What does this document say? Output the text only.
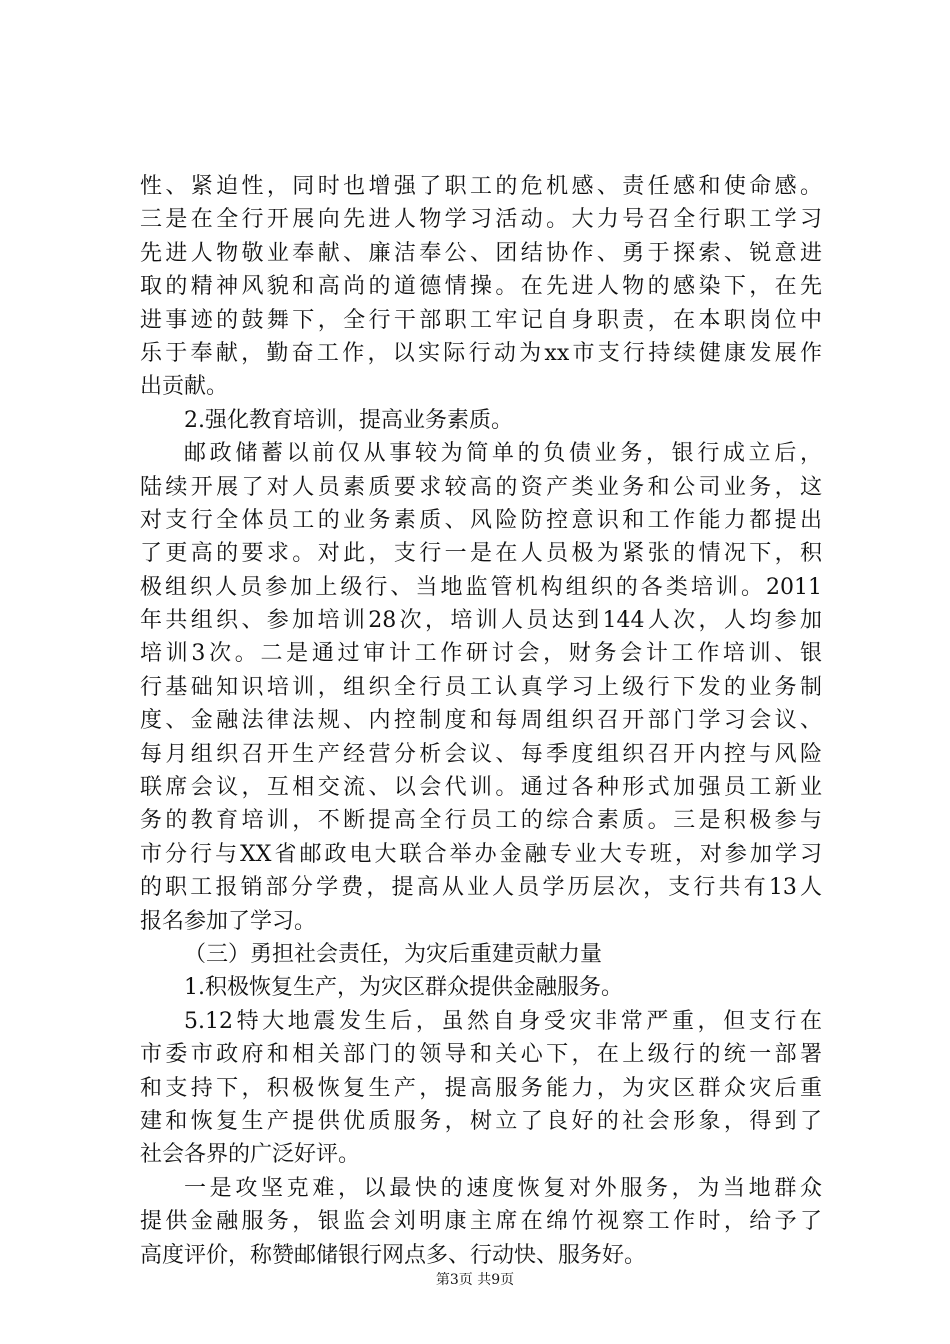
性、紧迫性，同时也增强了职工的危机感、责任感和使命感。
三是在全行开展向先进人物学习活动。大力号召全行职工学习
先进人物敬业奉献、廉洁奉公、团结协作、勇于探索、锐意进
取的精神风貌和高尚的道德情操。在先进人物的感染下，在先
进事迹的鼓舞下，全行干部职工牢记自身职责，在本职岗位中
乐于奉献，勤奋工作，以实际行动为xx市支行持续健康发展作
出贡献。
2.强化教育培训，提高业务素质。
邮政储蓄以前仅从事较为简单的负债业务，银行成立后，
陆续开展了对人员素质要求较高的资产类业务和公司业务，这
对支行全体员工的业务素质、风险防控意识和工作能力都提出
了更高的要求。对此，支行一是在人员极为紧张的情况下，积
极组织人员参加上级行、当地监管机构组织的各类培训。2011
年共组织、参加培训28次，培训人员达到144人次，人均参加
培训3次。二是通过审计工作研讨会，财务会计工作培训、银
行基础知识培训，组织全行员工认真学习上级行下发的业务制
度、金融法律法规、内控制度和每周组织召开部门学习会议、
每月组织召开生产经营分析会议、每季度组织召开内控与风险
联席会议，互相交流、以会代训。通过各种形式加强员工新业
务的教育培训，不断提高全行员工的综合素质。三是积极参与
市分行与XX省邮政电大联合举办金融专业大专班，对参加学习
的职工报销部分学费，提高从业人员学历层次，支行共有13人
报名参加了学习。
（三）勇担社会责任，为灾后重建贡献力量
1.积极恢复生产，为灾区群众提供金融服务。
5.12特大地震发生后，虽然自身受灾非常严重，但支行在
市委市政府和相关部门的领导和关心下，在上级行的统一部署
和支持下，积极恢复生产，提高服务能力，为灾区群众灾后重
建和恢复生产提供优质服务，树立了良好的社会形象，得到了
社会各界的广泛好评。
一是攻坚克难，以最快的速度恢复对外服务，为当地群众
提供金融服务，银监会刘明康主席在绵竹视察工作时，给予了
高度评价，称赞邮储银行网点多、行动快、服务好。
第3页 共9页
